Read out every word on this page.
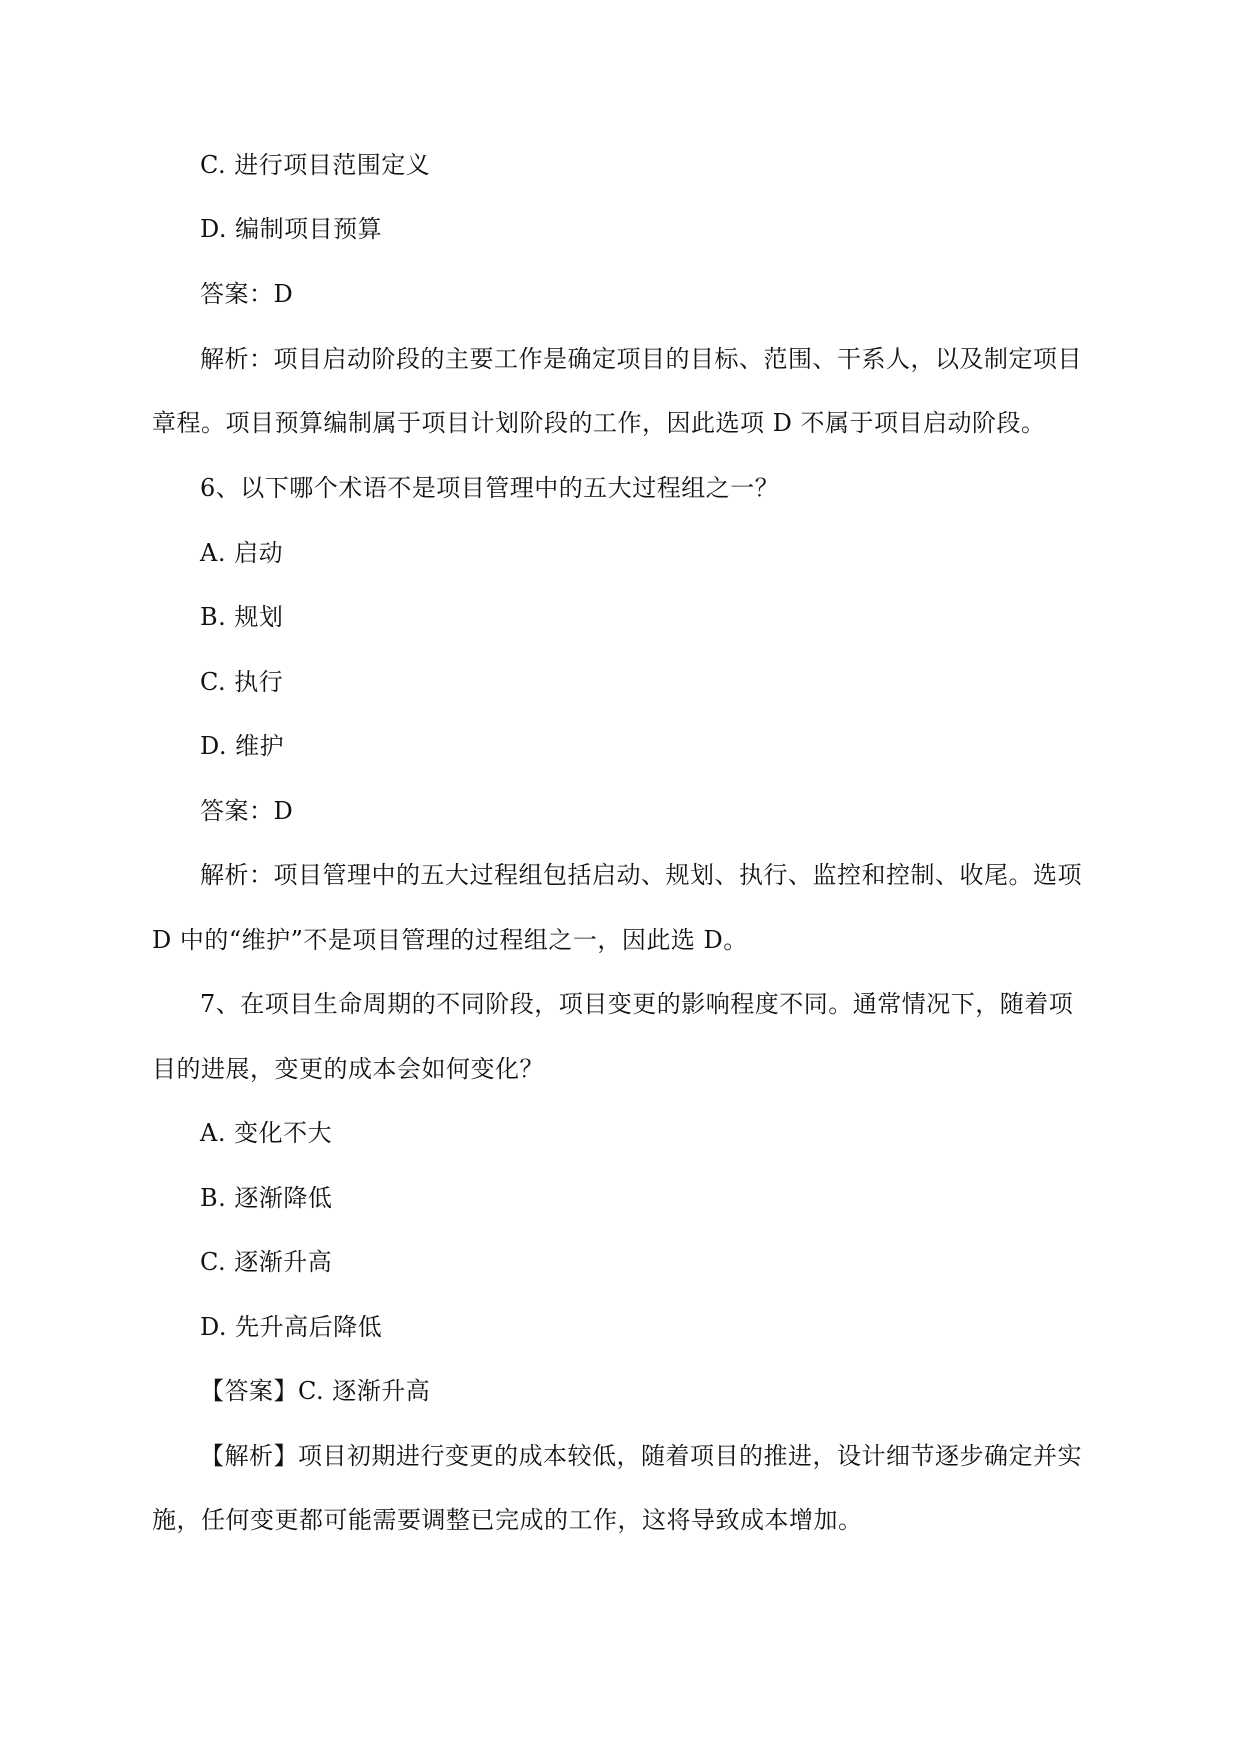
C. 进行项目范围定义
D. 编制项目预算
答案：D
解析：项目启动阶段的主要工作是确定项目的目标、范围、干系人，以及制定项目
章程。项目预算编制属于项目计划阶段的工作，因此选项 D 不属于项目启动阶段。
6、以下哪个术语不是项目管理中的五大过程组之一？
A. 启动
B. 规划
C. 执行
D. 维护
答案：D
解析：项目管理中的五大过程组包括启动、规划、执行、监控和控制、收尾。选项
D 中的“维护”不是项目管理的过程组之一，因此选 D。
7、在项目生命周期的不同阶段，项目变更的影响程度不同。通常情况下，随着项
目的进展，变更的成本会如何变化？
A. 变化不大
B. 逐渐降低
C. 逐渐升高
D. 先升高后降低
【答案】C. 逐渐升高
【解析】项目初期进行变更的成本较低，随着项目的推进，设计细节逐步确定并实
施，任何变更都可能需要调整已完成的工作，这将导致成本增加。
